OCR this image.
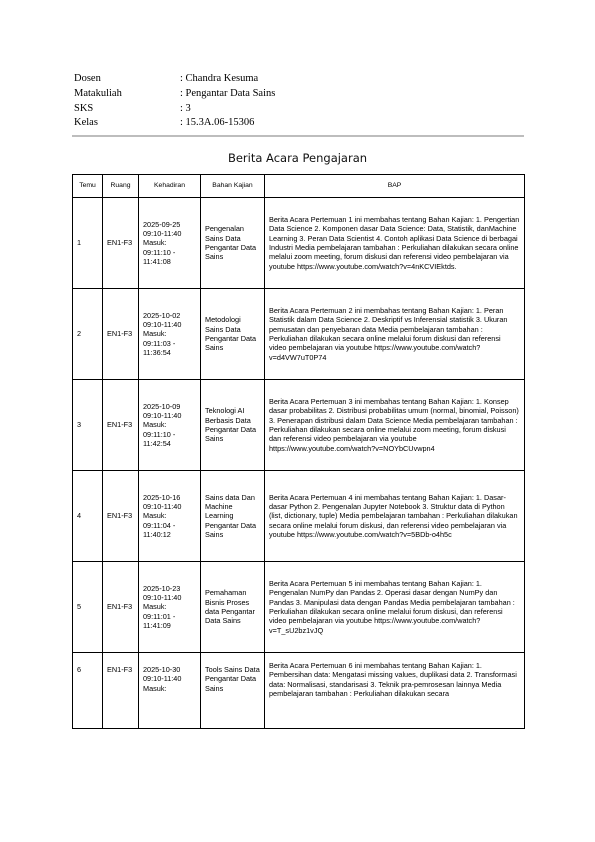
Dosen	: Chandra Kesuma
Matakuliah	: Pengantar Data Sains
SKS	: 3
Kelas	: 15.3A.06-15306
Berita Acara Pengajaran
Temu	Ruang	Kehadiran	Bahan Kajian	BAP
1	EN1-F3	2025-09-25 09:10-11:40 Masuk: 09:11:10 - 11:41:08	Pengenalan Sains Data Pengantar Data Sains	Berita Acara Pertemuan 1 ini membahas tentang Bahan Kajian: 1. Pengertian Data Science 2. Komponen dasar Data Science: Data, Statistik, danMachine Learning 3. Peran Data Scientist 4. Contoh aplikasi Data Science di berbagai Industri Media pembelajaran tambahan : Perkuliahan dilakukan secara online melalui zoom meeting, forum diskusi dan referensi video pembelajaran via youtube https://www.youtube.com/watch?v=4nKCVIEktds.
2	EN1-F3	2025-10-02 09:10-11:40 Masuk: 09:11:03 - 11:36:54	Metodologi Sains Data Pengantar Data Sains	Berita Acara Pertemuan 2 ini membahas tentang Bahan Kajian: 1. Peran Statistik dalam Data Science 2. Deskriptif vs Inferensial statistik 3. Ukuran pemusatan dan penyebaran data Media pembelajaran tambahan : Perkuliahan dilakukan secara online melalui forum diskusi dan referensi video pembelajaran via youtube https://www.youtube.com/watch?v=d4VW7uT0P74
3	EN1-F3	2025-10-09 09:10-11:40 Masuk: 09:11:10 - 11:42:54	Teknologi AI Berbasis Data Pengantar Data Sains	Berita Acara Pertemuan 3 ini membahas tentang Bahan Kajian: 1. Konsep dasar probabilitas 2. Distribusi probabilitas umum (normal, binomial, Poisson) 3. Penerapan distribusi dalam Data Science Media pembelajaran tambahan : Perkuliahan dilakukan secara online melalui zoom meeting, forum diskusi dan referensi video pembelajaran via youtube https://www.youtube.com/watch?v=NOYbCUvwpn4
4	EN1-F3	2025-10-16 09:10-11:40 Masuk: 09:11:04 - 11:40:12	Sains data Dan Machine Learning Pengantar Data Sains	Berita Acara Pertemuan 4 ini membahas tentang Bahan Kajian: 1. Dasar-dasar Python 2. Pengenalan Jupyter Notebook 3. Struktur data di Python (list, dictionary, tuple) Media pembelajaran tambahan : Perkuliahan dilakukan secara online melalui forum diskusi, dan referensi video pembelajaran via youtube https://www.youtube.com/watch?v=5BDb-o4h5c
5	EN1-F3	2025-10-23 09:10-11:40 Masuk: 09:11:01 - 11:41:09	Pemahaman Bisnis Proses data Pengantar Data Sains	Berita Acara Pertemuan 5 ini membahas tentang Bahan Kajian: 1. Pengenalan NumPy dan Pandas 2. Operasi dasar dengan NumPy dan Pandas 3. Manipulasi data dengan Pandas Media pembelajaran tambahan : Perkuliahan dilakukan secara online melalui forum diskusi, dan referensi video pembelajaran via youtube https://www.youtube.com/watch?v=T_sU2bz1vJQ
6	EN1-F3	2025-10-30 09:10-11:40 Masuk:	Tools Sains Data Pengantar Data Sains	Berita Acara Pertemuan 6 ini membahas tentang Bahan Kajian: 1. Pembersihan data: Mengatasi missing values, duplikasi data 2. Transformasi data: Normalisasi, standarisasi 3. Teknik pra-pemrosesan lainnya Media pembelajaran tambahan : Perkuliahan dilakukan secara
